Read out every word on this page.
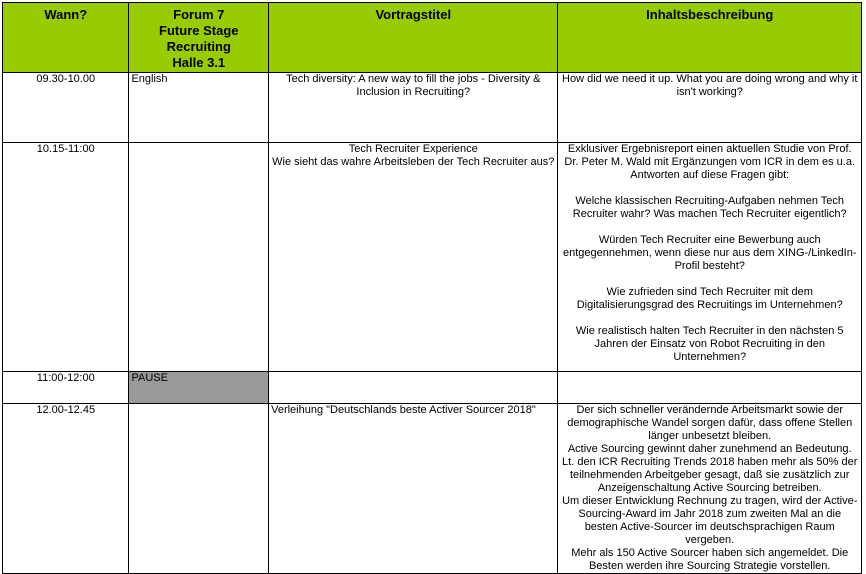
Wann?	Forum 7
Future Stage
Recruiting
Halle 3.1	Vortragstitel	Inhaltsbeschreibung
09.30-10.00	English	Tech diversity: A new way to fill the jobs - Diversity &
Inclusion in Recruiting?	How did we need it up. What you are doing wrong and why it isn't working?

10.15-11:00		Tech Recruiter Experience
Wie sieht das wahre Arbeitsleben der Tech Recruiter aus?	Exklusiver Ergebnisreport einen aktuellen Studie von Prof. Dr. Peter M. Wald mit Ergänzungen vom ICR in dem es u.a. Antworten auf diese Fragen gibt:
Welche klassischen Recruiting-Aufgaben nehmen Tech Recruiter wahr? Was machen Tech Recruiter eigentlich?
Würden Tech Recruiter eine Bewerbung auch entgegennehmen, wenn diese nur aus dem XING-/LinkedIn-Profil besteht?
Wie zufrieden sind Tech Recruiter mit dem Digitalisierungsgrad des Recruitings im Unternehmen?
Wie realistisch halten Tech Recruiter in den nächsten 5 Jahren der Einsatz von Robot Recruiting in den Unternehmen?

11:00-12:00	PAUSE		
12.00-12.45		Verleihung "Deutschlands beste Activer Sourcer 2018"	Der sich schneller verändernde Arbeitsmarkt sowie der demographische Wandel sorgen dafür, dass offene Stellen länger unbesetzt bleiben.
Active Sourcing gewinnt daher zunehmend an Bedeutung. Lt. den ICR Recruiting Trends 2018 haben mehr als 50% der teilnehmenden Arbeitgeber gesagt, daß sie zusätzlich zur Anzeigenschaltung Active Sourcing betreiben.
Um dieser Entwicklung Rechnung zu tragen, wird der Active-Sourcing-Award im Jahr 2018 zum zweiten Mal an die besten Active-Sourcer im deutschsprachigen Raum vergeben.
Mehr als 150 Active Sourcer haben sich angemeldet. Die Besten werden ihre Sourcing Strategie vorstellen.
